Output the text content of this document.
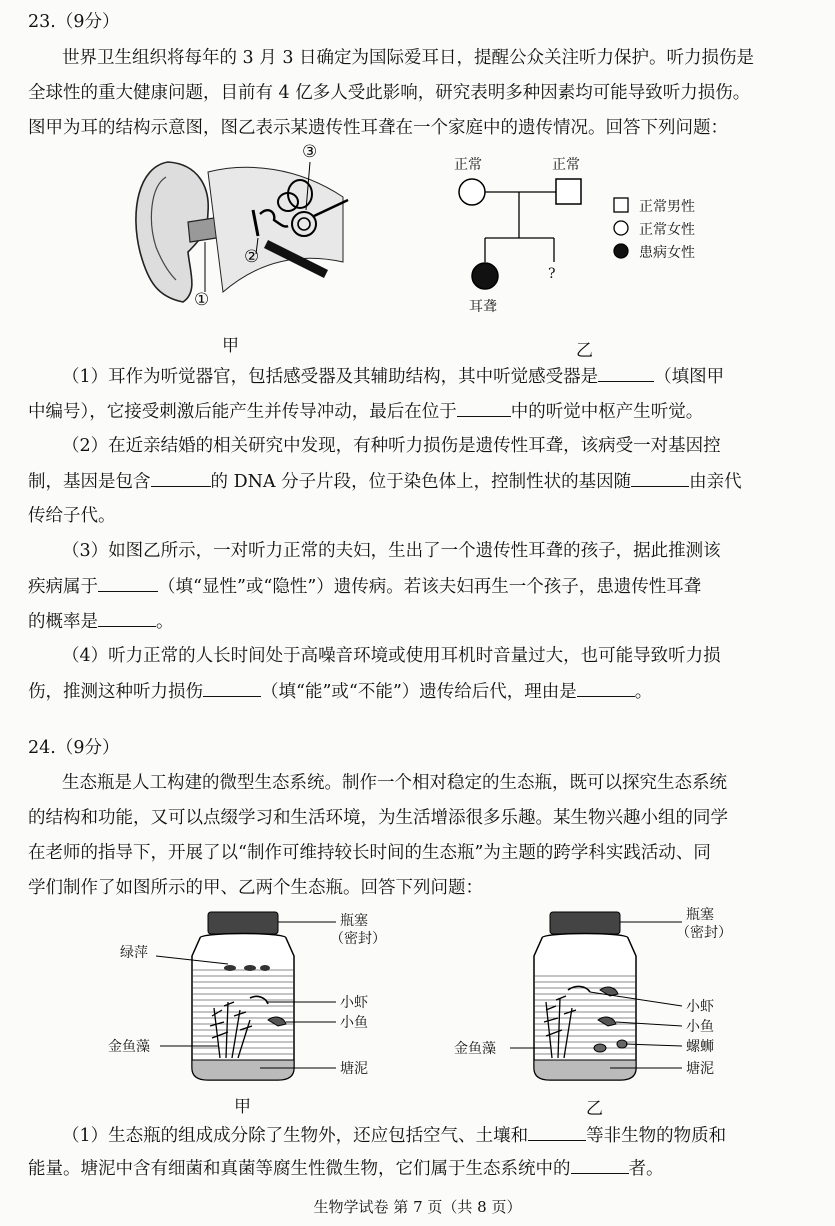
23.（9分）
世界卫生组织将每年的 3 月 3 日确定为国际爱耳日，提醒公众关注听力保护。听力损伤是
全球性的重大健康问题，目前有 4 亿多人受此影响，研究表明多种因素均可能导致听力损伤。
图甲为耳的结构示意图，图乙表示某遗传性耳聋在一个家庭中的遗传情况。回答下列问题：
①
②
③
甲
正常	正常
?
耳聋
正常男性
正常女性
患病女性
乙
（1）耳作为听觉器官，包括感受器及其辅助结构，其中听觉感受器是	（填图甲
中编号），它接受刺激后能产生并传导冲动，最后在位于	中的听觉中枢产生听觉。
（2）在近亲结婚的相关研究中发现，有种听力损伤是遗传性耳聋，该病受一对基因控
制，基因是包含	的 DNA 分子片段，位于染色体上，控制性状的基因随	由亲代
传给子代。
（3）如图乙所示，一对听力正常的夫妇，生出了一个遗传性耳聋的孩子，据此推测该
疾病属于	（填“显性”或“隐性”）遗传病。若该夫妇再生一个孩子，患遗传性耳聋
的概率是	。
（4）听力正常的人长时间处于高噪音环境或使用耳机时音量过大，也可能导致听力损
伤，推测这种听力损伤	（填“能”或“不能”）遗传给后代，理由是	。
24.（9分）
生态瓶是人工构建的微型生态系统。制作一个相对稳定的生态瓶，既可以探究生态系统
的结构和功能，又可以点缀学习和生活环境，为生活增添很多乐趣。某生物兴趣小组的同学
在老师的指导下，开展了以“制作可维持较长时间的生态瓶”为主题的跨学科实践活动、同
学们制作了如图所示的甲、乙两个生态瓶。回答下列问题：
瓶塞
（密封）
绿萍
小虾
小鱼
金鱼藻
塘泥
甲
瓶塞
（密封）
小虾
小鱼
螺蛳
金鱼藻
塘泥
乙
（1）生态瓶的组成成分除了生物外，还应包括空气、土壤和	等非生物的物质和
能量。塘泥中含有细菌和真菌等腐生性微生物，它们属于生态系统中的	者。
生物学试卷 第 7 页（共 8 页）
